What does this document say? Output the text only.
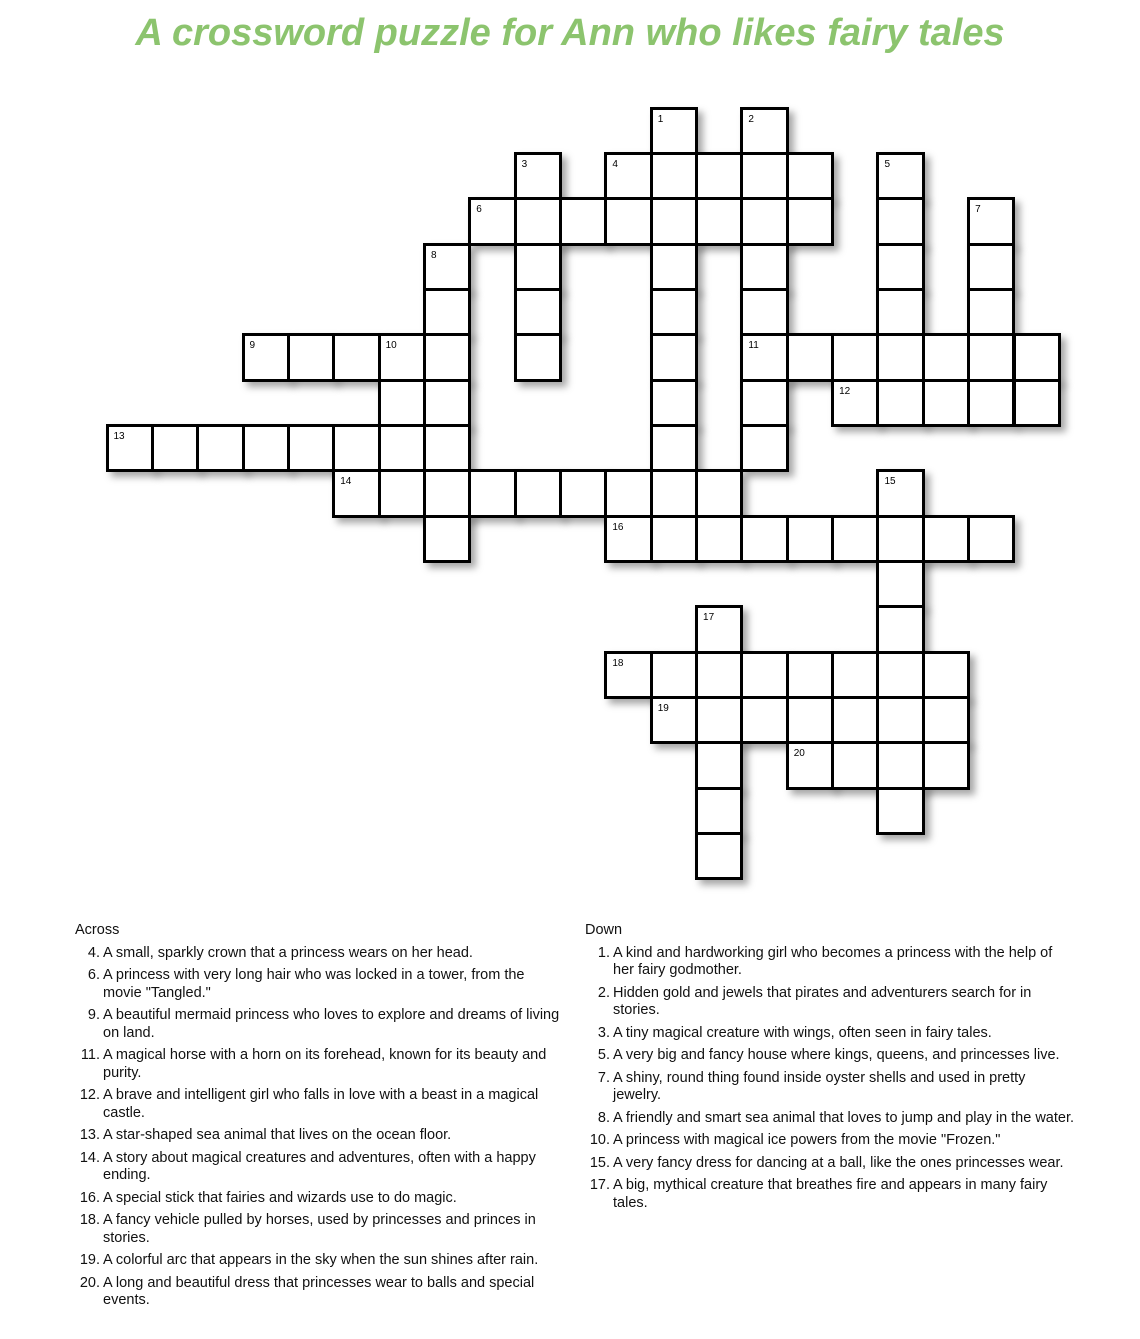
A crossword puzzle for Ann who likes fairy tales
1	2
11
3	4	5
6	7
8
9	10
12
13
14	15
16
17
18
19
20
Across
4. A small, sparkly crown that a princess wears on her head.
6. A princess with very long hair who was locked in a tower, from the movie "Tangled."
9. A beautiful mermaid princess who loves to explore and dreams of living on land.
11. A magical horse with a horn on its forehead, known for its beauty and purity.
12. A brave and intelligent girl who falls in love with a beast in a magical castle.
13. A star-shaped sea animal that lives on the ocean floor.
14. A story about magical creatures and adventures, often with a happy ending.
16. A special stick that fairies and wizards use to do magic.
18. A fancy vehicle pulled by horses, used by princesses and princes in stories.
19. A colorful arc that appears in the sky when the sun shines after rain.
20. A long and beautiful dress that princesses wear to balls and special events.
Down
1. A kind and hardworking girl who becomes a princess with the help of her fairy godmother.
2. Hidden gold and jewels that pirates and adventurers search for in stories.
3. A tiny magical creature with wings, often seen in fairy tales.
5. A very big and fancy house where kings, queens, and princesses live.
7. A shiny, round thing found inside oyster shells and used in pretty jewelry.
8. A friendly and smart sea animal that loves to jump and play in the water.
10. A princess with magical ice powers from the movie "Frozen."
15. A very fancy dress for dancing at a ball, like the ones princesses wear.
17. A big, mythical creature that breathes fire and appears in many fairy tales.
